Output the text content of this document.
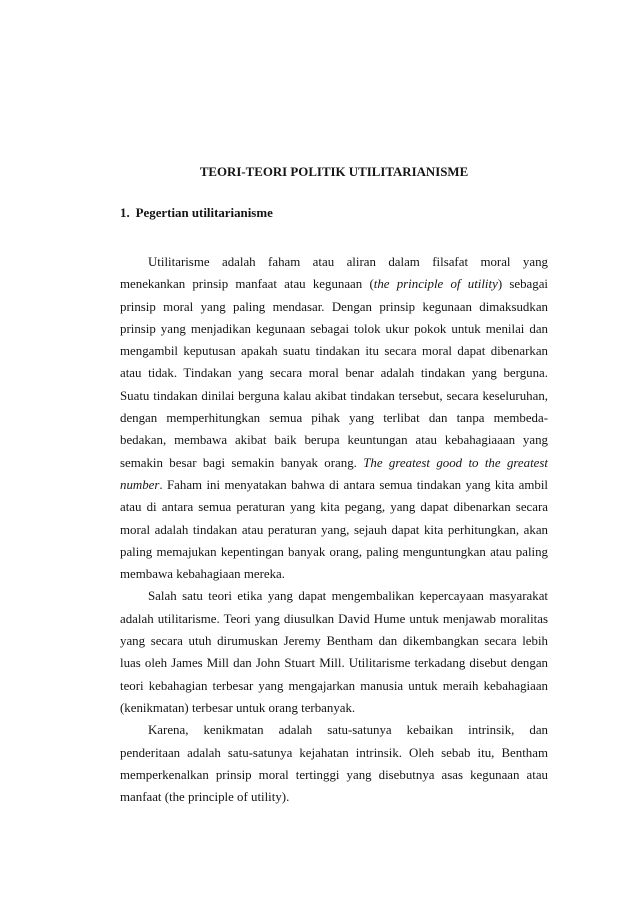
TEORI-TEORI POLITIK UTILITARIANISME
1. Pegertian utilitarianisme
Utilitarisme adalah faham atau aliran dalam filsafat moral yang
menekankan prinsip manfaat atau kegunaan (the principle of utility) sebagai
prinsip moral yang paling mendasar. Dengan prinsip kegunaan dimaksudkan
prinsip yang menjadikan kegunaan sebagai tolok ukur pokok untuk menilai dan
mengambil keputusan apakah suatu tindakan itu secara moral dapat dibenarkan
atau tidak. Tindakan yang secara moral benar adalah tindakan yang berguna.
Suatu tindakan dinilai berguna kalau akibat tindakan tersebut, secara keseluruhan,
dengan memperhitungkan semua pihak yang terlibat dan tanpa membeda-
bedakan, membawa akibat baik berupa keuntungan atau kebahagiaaan yang
semakin besar bagi semakin banyak orang. The greatest good to the greatest
number. Faham ini menyatakan bahwa di antara semua tindakan yang kita ambil
atau di antara semua peraturan yang kita pegang, yang dapat dibenarkan secara
moral adalah tindakan atau peraturan yang, sejauh dapat kita perhitungkan, akan
paling memajukan kepentingan banyak orang, paling menguntungkan atau paling
membawa kebahagiaan mereka.
Salah satu teori etika yang dapat mengembalikan kepercayaan masyarakat
adalah utilitarisme. Teori yang diusulkan David Hume untuk menjawab moralitas
yang secara utuh dirumuskan Jeremy Bentham dan dikembangkan secara lebih
luas oleh James Mill dan John Stuart Mill. Utilitarisme terkadang disebut dengan
teori kebahagian terbesar yang mengajarkan manusia untuk meraih kebahagiaan
(kenikmatan) terbesar untuk orang terbanyak.
Karena, kenikmatan adalah satu-satunya kebaikan intrinsik, dan
penderitaan adalah satu-satunya kejahatan intrinsik. Oleh sebab itu, Bentham
memperkenalkan prinsip moral tertinggi yang disebutnya asas kegunaan atau
manfaat (the principle of utility).
